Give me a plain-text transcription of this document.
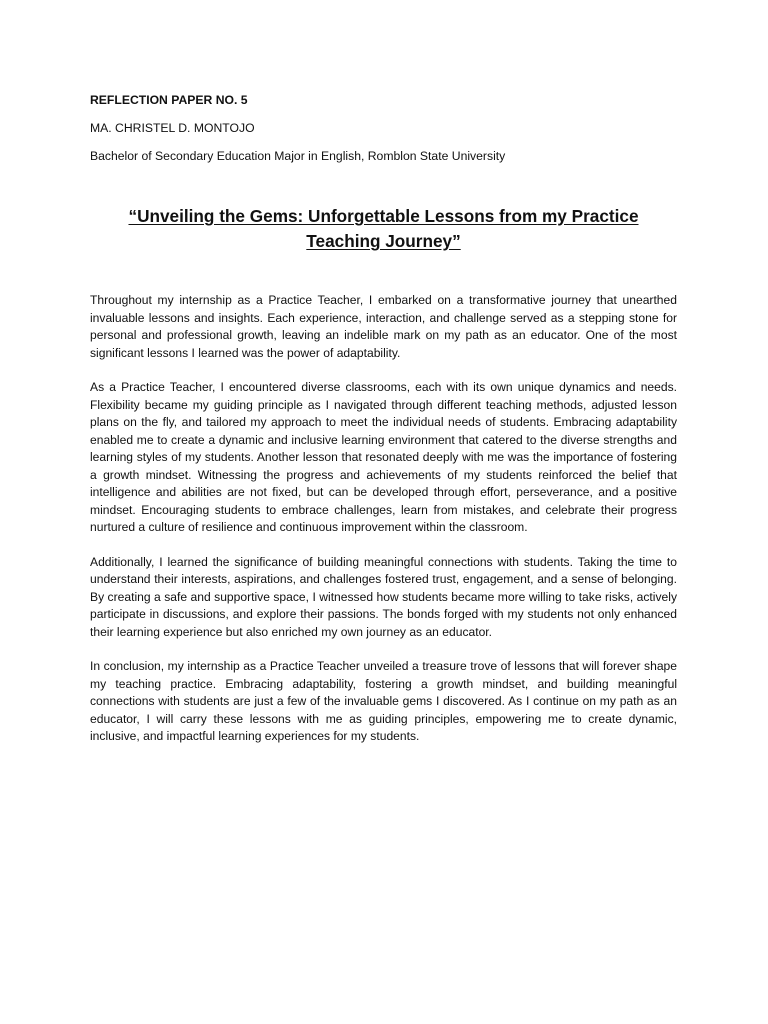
REFLECTION PAPER NO. 5

MA. CHRISTEL D. MONTOJO

Bachelor of Secondary Education Major in English, Romblon State University

“Unveiling the Gems: Unforgettable Lessons from my Practice
Teaching Journey”

Throughout my internship as a Practice Teacher, I embarked on a transformative journey that unearthed invaluable lessons and insights. Each experience, interaction, and challenge served as a stepping stone for personal and professional growth, leaving an indelible mark on my path as an educator. One of the most significant lessons I learned was the power of adaptability.

As a Practice Teacher, I encountered diverse classrooms, each with its own unique dynamics and needs. Flexibility became my guiding principle as I navigated through different teaching methods, adjusted lesson plans on the fly, and tailored my approach to meet the individual needs of students. Embracing adaptability enabled me to create a dynamic and inclusive learning environment that catered to the diverse strengths and learning styles of my students. Another lesson that resonated deeply with me was the importance of fostering a growth mindset. Witnessing the progress and achievements of my students reinforced the belief that intelligence and abilities are not fixed, but can be developed through effort, perseverance, and a positive mindset. Encouraging students to embrace challenges, learn from mistakes, and celebrate their progress nurtured a culture of resilience and continuous improvement within the classroom.

Additionally, I learned the significance of building meaningful connections with students. Taking the time to understand their interests, aspirations, and challenges fostered trust, engagement, and a sense of belonging. By creating a safe and supportive space, I witnessed how students became more willing to take risks, actively participate in discussions, and explore their passions. The bonds forged with my students not only enhanced their learning experience but also enriched my own journey as an educator.

In conclusion, my internship as a Practice Teacher unveiled a treasure trove of lessons that will forever shape my teaching practice. Embracing adaptability, fostering a growth mindset, and building meaningful connections with students are just a few of the invaluable gems I discovered. As I continue on my path as an educator, I will carry these lessons with me as guiding principles, empowering me to create dynamic, inclusive, and impactful learning experiences for my students.
